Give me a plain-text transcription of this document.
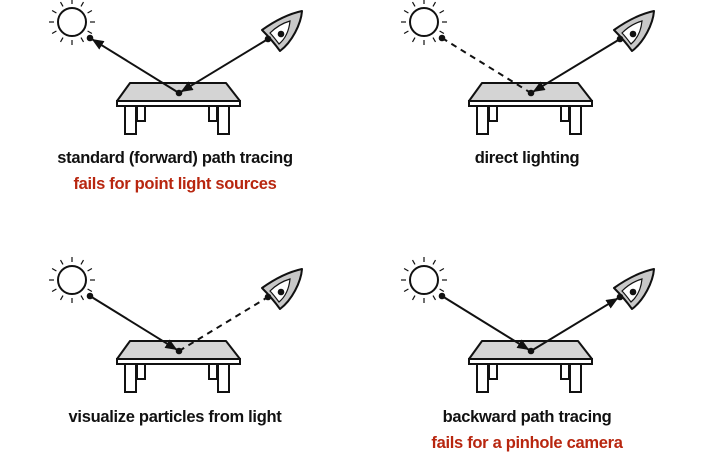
standard (forward) path tracing
fails for point light sources
direct lighting
visualize particles from light	backward path tracing
fails for a pinhole camera
